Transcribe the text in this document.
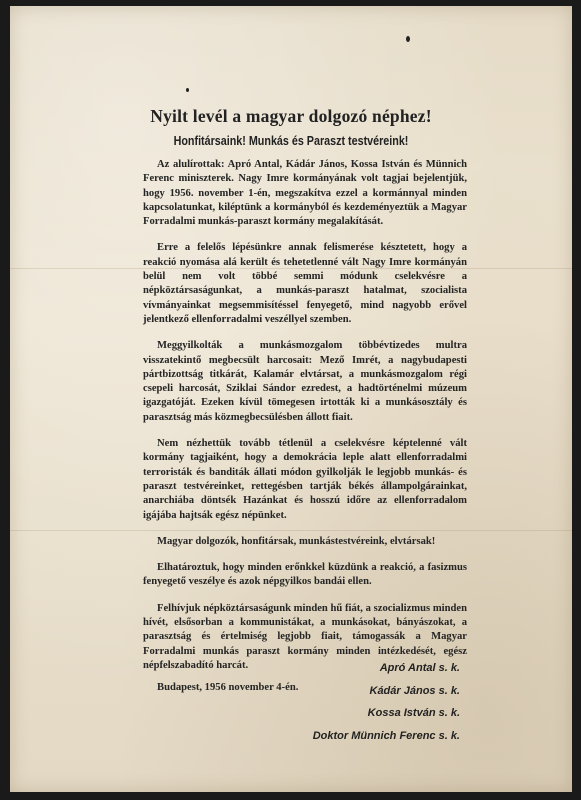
Nyilt levél a magyar dolgozó néphez!
Honfitársaink! Munkás és Paraszt testvéreink!

Az alulírottak: Apró Antal, Kádár János, Kossa István és Münnich Ferenc miniszterek. Nagy Imre kormányának volt tagjai bejelentjük, hogy 1956. november 1-én, megszakítva ezzel a kormánnyal minden kapcsolatunkat, kiléptünk a kormányból és kezdeményeztük a Magyar Forradalmi munkás-paraszt kormány megalakítását.

Erre a felelős lépésünkre annak felismerése késztetett, hogy a reakció nyomása alá került és tehetetlenné vált Nagy Imre kormányán belül nem volt többé semmi módunk cselekvésre a népköztársaságunkat, a munkás-paraszt hatalmat, szocialista vívmányainkat megsemmisítéssel fenyegető, mind nagyobb erővel jelentkező ellenforradalmi veszéllyel szemben.

Meggyilkolták a munkásmozgalom többévtizedes multra visszatekintő megbecsült harcosait: Mező Imrét, a nagybudapesti pártbizottság titkárát, Kalamár elvtársat, a munkásmozgalom régi csepeli harcosát, Sziklai Sándor ezredest, a hadtörténelmi múzeum igazgatóját. Ezeken kívül tömegesen irtották ki a munkásosztály és parasztság más közmegbecsülésben állott fiait.

Nem nézhettük tovább tétlenül a cselekvésre képtelenné vált kormány tagjaiként, hogy a demokrácia leple alatt ellenforradalmi terroristák és banditák állati módon gyilkolják le legjobb munkás- és paraszt testvéreinket, rettegésben tartják békés állampolgárainkat, anarchiába döntsék Hazánkat és hosszú időre az ellenforradalom igájába hajtsák egész népünket.

Magyar dolgozók, honfitársak, munkástestvéreink, elvtársak!

Elhatároztuk, hogy minden erőnkkel küzdünk a reakció, a fasizmus fenyegető veszélye és azok népgyilkos bandái ellen.

Felhívjuk népköztársaságunk minden hű fiát, a szocializmus minden hívét, elsősorban a kommunistákat, a munkásokat, bányászokat, a parasztság és értelmiség legjobb fiait, támogassák a Magyar Forradalmi munkás paraszt kormány minden intézkedését, egész népfelszabadító harcát.

Budapest, 1956 november 4-én.

Apró Antal s. k.
Kádár János s. k.
Kossa István s. k.
Doktor Münnich Ferenc s. k.
